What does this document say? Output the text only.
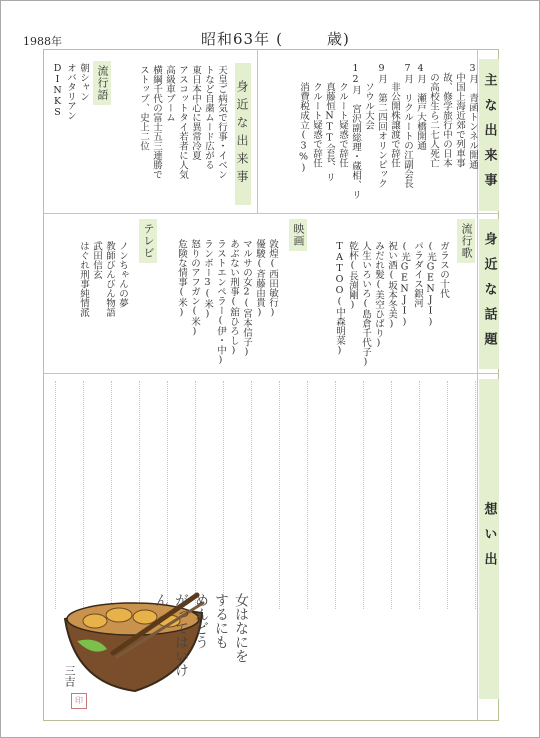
1988年	昭和63年 (	歳)
主な出来事
身近な話題
想い出
3月　青函トンネル開通
　中国上海近郊で列車事
　故、修学旅行中の日本
　の高校生ら二七人死亡
4月　瀬戸大橋開通
7月　リクルートの江副会長
　　非公開株譲渡で辞任
9月　第二四回オリンピック
　　ソウル大会
12月　宮沢副総理・蔵相、リ
　　クルート疑惑で辞任
　　真藤恒NTT会長、リ
　　クルート疑惑で辞任
　　消費税成立(3%)
身近な出来事
天皇ご病気で行事・イベン
トなど自粛ムード広がる
東日本中心に異常冷夏
アスコットタイ若者に人気
高級車ブーム
横綱千代の富士五三連勝で
ストップ、史上二位
流行語
朝シャン
オバタリアン
DINKS
流行歌
ガラスの十代
(光GENJI)
パラダイス銀河
(光GENJI)
祝い酒(坂本冬美)
みだれ髪(美空ひばり)
人生いろいろ(島倉千代子)
乾杯(長渕剛)
TATOO(中森明菜)
映画
敦煌(西田敏行)
優駿(斉藤由貴)
マルサの女2(宮本信子)
あぶない刑事(舘ひろし)
ラストエンペラー(伊・中)
ランボー3(米)
怒りのアフガン(米)
危険な情事(米)
テレビ
ノンちゃんの夢
教師びんびん物語
武田信玄
はぐれ刑事純情派
女はなにを
するにも
めんどう
がってはいけん
三吉
印
